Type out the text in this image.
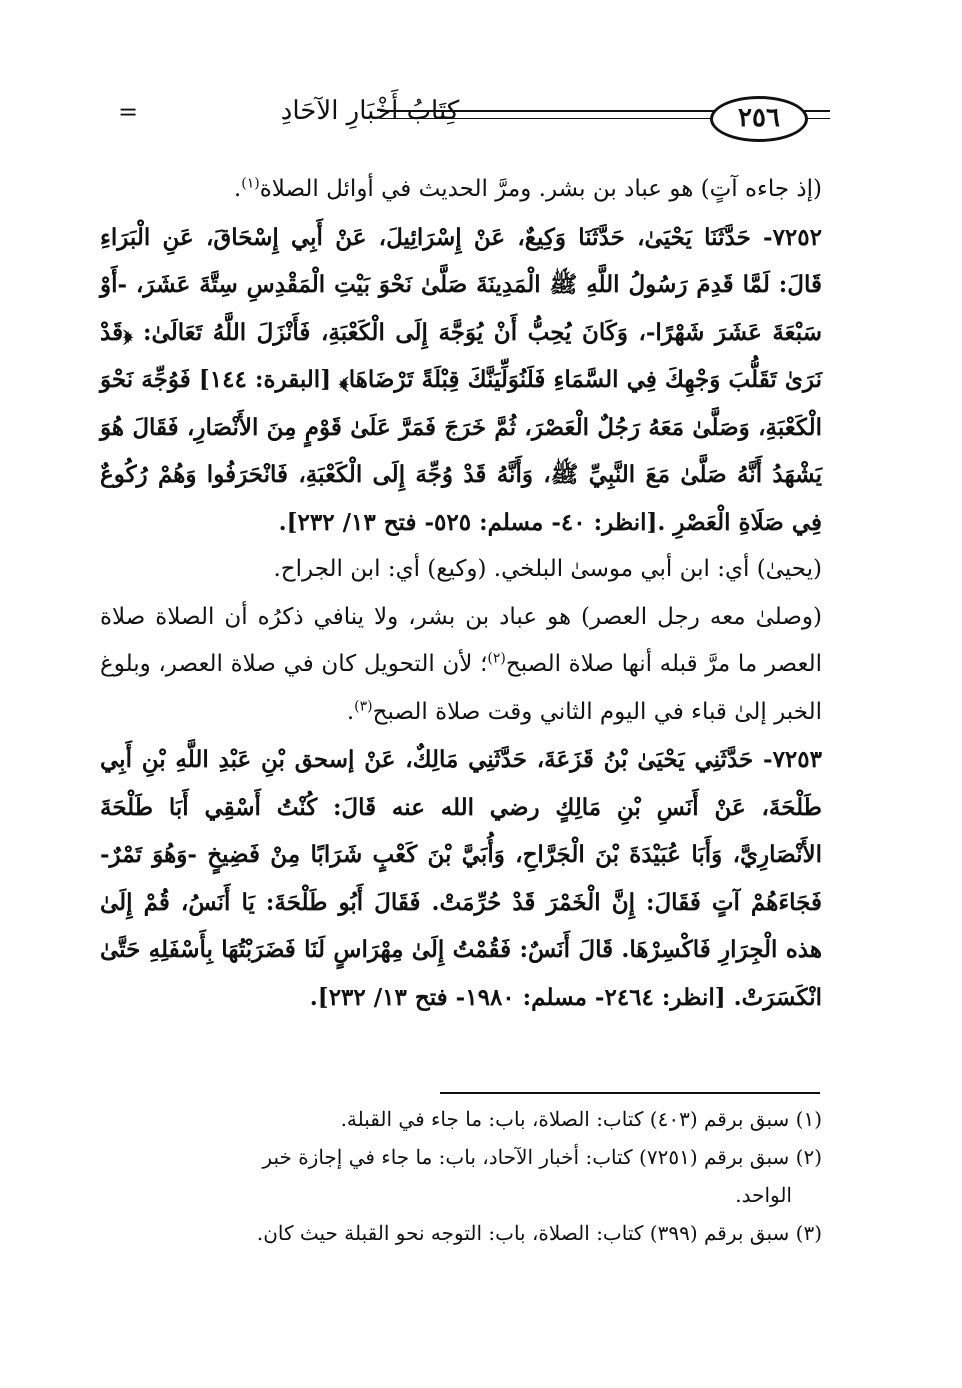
=	كِتَابُ أَخْبَارِ الآحَادِ	٢٥٦

(إذ جاءه آتٍ) هو عباد بن بشر. ومرَّ الحديث في أوائل الصلاة$^{(١)}$.

٧٢٥٢- حَدَّثَنَا يَحْيَىٰ، حَدَّثَنَا وَكِيعٌ، عَنْ إِسْرَائِيلَ، عَنْ أَبِي إِسْحَاقَ، عَنِ الْبَرَاءِ قَالَ: لَمَّا قَدِمَ رَسُولُ اللَّهِ ﷺ الْمَدِينَةَ صَلَّىٰ نَحْوَ بَيْتِ الْمَقْدِسِ سِتَّةَ عَشَرَ، -أَوْ سَبْعَةَ عَشَرَ شَهْرًا-، وَكَانَ يُحِبُّ أَنْ يُوَجَّهَ إِلَى الْكَعْبَةِ، فَأَنْزَلَ اللَّهُ تَعَالَىٰ: ﴿قَدْ نَرَىٰ تَقَلُّبَ وَجْهِكَ فِي السَّمَاءِ فَلَنُوَلِّيَنَّكَ قِبْلَةً تَرْضَاهَا﴾ [البقرة: ١٤٤] فَوُجِّهَ نَحْوَ الْكَعْبَةِ، وَصَلَّىٰ مَعَهُ رَجُلٌ الْعَصْرَ، ثُمَّ خَرَجَ فَمَرَّ عَلَىٰ قَوْمٍ مِنَ الأَنْصَارِ، فَقَالَ هُوَ يَشْهَدُ أَنَّهُ صَلَّىٰ مَعَ النَّبِيِّ ﷺ، وَأَنَّهُ قَدْ وُجِّهَ إِلَى الْكَعْبَةِ، فَانْحَرَفُوا وَهُمْ رُكُوعٌ فِي صَلَاةِ الْعَصْرِ .[انظر: ٤٠- مسلم: ٥٢٥- فتح ١٣/ ٢٣٢].

(يحيىٰ) أي: ابن أبي موسىٰ البلخي. (وكيع) أي: ابن الجراح.

(وصلىٰ معه رجل العصر) هو عباد بن بشر، ولا ينافي ذكرُه أن الصلاة صلاة العصر ما مرَّ قبله أنها صلاة الصبح$^{(٢)}$؛ لأن التحويل كان في صلاة العصر، وبلوغ الخبر إلىٰ قباء في اليوم الثاني وقت صلاة الصبح$^{(٣)}$.

٧٢٥٣- حَدَّثَنِي يَحْيَىٰ بْنُ قَزَعَةَ، حَدَّثَنِي مَالِكٌ، عَنْ إسحق بْنِ عَبْدِ اللَّهِ بْنِ أَبِي طَلْحَةَ، عَنْ أَنَسِ بْنِ مَالِكٍ رضي الله عنه قَالَ: كُنْتُ أَسْقِي أَبَا طَلْحَةَ الأَنْصَارِيَّ، وَأَبَا عُبَيْدَةَ بْنَ الْجَرَّاحِ، وَأُبَيَّ بْنَ كَعْبٍ شَرَابًا مِنْ فَضِيخٍ -وَهُوَ تَمْرٌ- فَجَاءَهُمْ آتٍ فَقَالَ: إِنَّ الْخَمْرَ قَدْ حُرِّمَتْ. فَقَالَ أَبُو طَلْحَةَ: يَا أَنَسُ، قُمْ إِلَىٰ هذه الْجِرَارِ فَاكْسِرْهَا. قَالَ أَنَسٌ: فَقُمْتُ إِلَىٰ مِهْرَاسٍ لَنَا فَضَرَبْتُهَا بِأَسْفَلِهِ حَتَّىٰ انْكَسَرَتْ. [انظر: ٢٤٦٤- مسلم: ١٩٨٠- فتح ١٣/ ٢٣٢].

(١) سبق برقم (٤٠٣) كتاب: الصلاة، باب: ما جاء في القبلة.

(٢) سبق برقم (٧٢٥١) كتاب: أخبار الآحاد، باب: ما جاء في إجازة خبر

الواحد.

(٣) سبق برقم (٣٩٩) كتاب: الصلاة، باب: التوجه نحو القبلة حيث كان.
